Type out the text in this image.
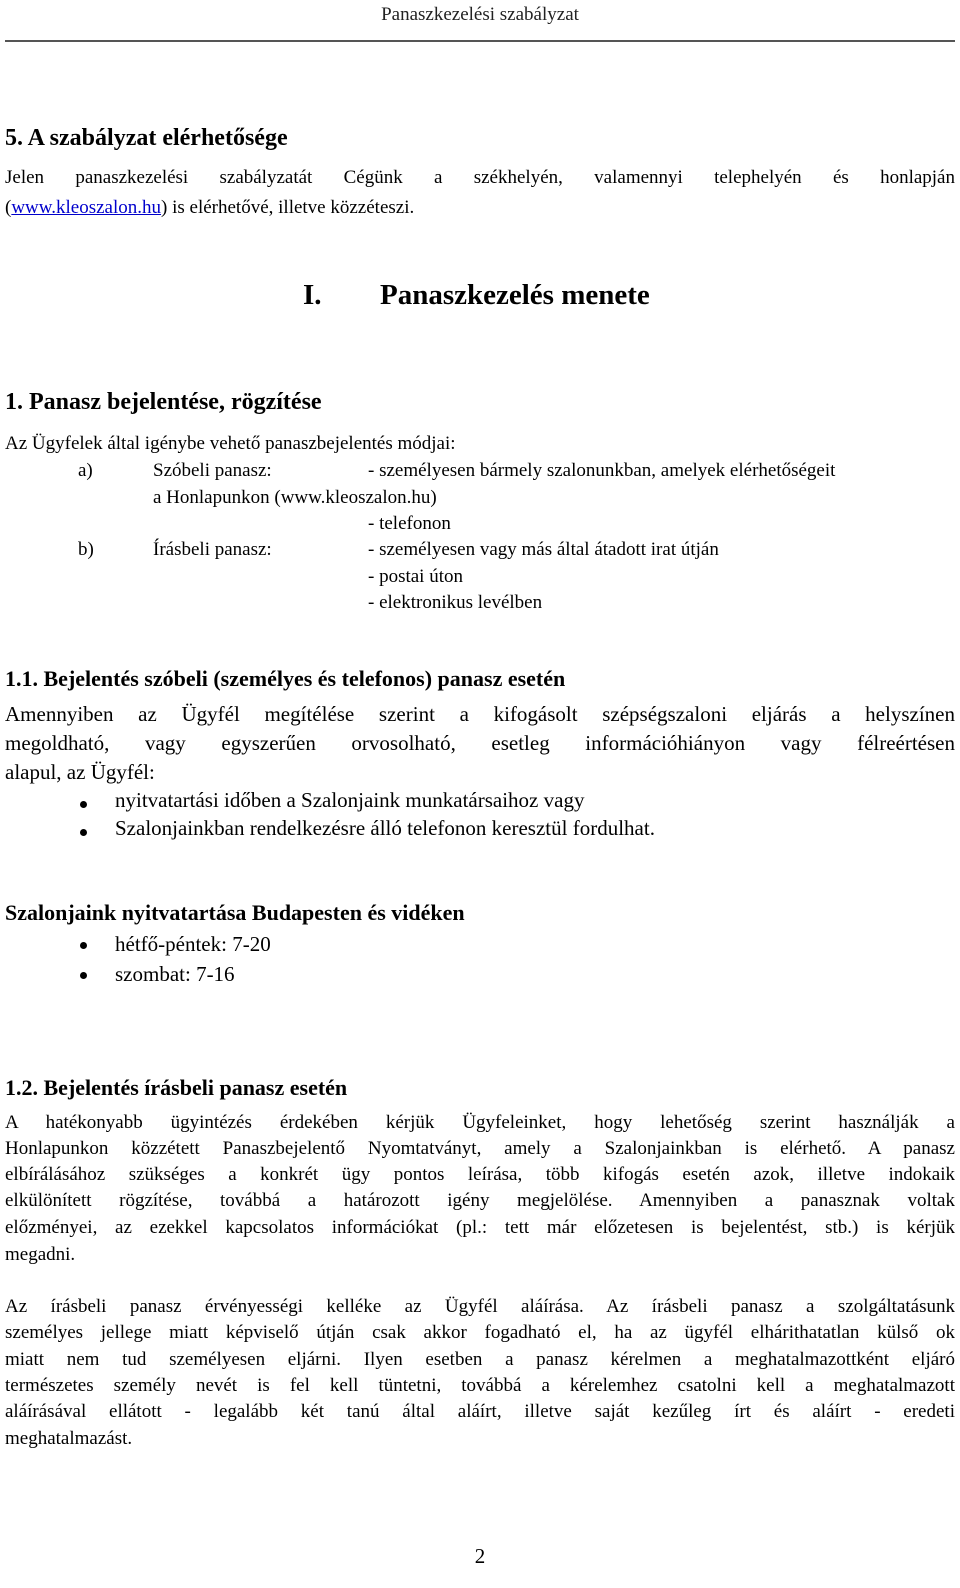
Panaszkezelési szabályzat
5. A szabályzat elérhetősége
Jelen panaszkezelési szabályzatát Cégünk a székhelyén, valamennyi telephelyén és honlapján
(www.kleoszalon.hu) is elérhetővé, illetve közzéteszi.
I. Panaszkezelés menete
1. Panasz bejelentése, rögzítése
Az Ügyfelek által igénybe vehető panaszbejelentés módjai:
a)	Szóbeli panasz:	- személyesen bármely szalonunkban, amelyek elérhetőségeit
a Honlapunkon (www.kleoszalon.hu)
- telefonon
b)	Írásbeli panasz:	- személyesen vagy más által átadott irat útján
- postai úton
- elektronikus levélben
1.1. Bejelentés szóbeli (személyes és telefonos) panasz esetén
Amennyiben az Ügyfél megítélése szerint a kifogásolt szépségszaloni eljárás a helyszínen
megoldható, vagy egyszerűen orvosolható, esetleg információhiányon vagy félreértésen
alapul, az Ügyfél:
nyitvatartási időben a Szalonjaink munkatársaihoz vagy
Szalonjainkban rendelkezésre álló telefonon keresztül fordulhat.
Szalonjaink nyitvatartása Budapesten és vidéken
hétfő-péntek: 7-20
szombat: 7-16
1.2. Bejelentés írásbeli panasz esetén
A hatékonyabb ügyintézés érdekében kérjük Ügyfeleinket, hogy lehetőség szerint használják a
Honlapunkon közzétett Panaszbejelentő Nyomtatványt, amely a Szalonjainkban is elérhető. A panasz
elbírálásához szükséges a konkrét ügy pontos leírása, több kifogás esetén azok, illetve indokaik
elkülönített rögzítése, továbbá a határozott igény megjelölése. Amennyiben a panasznak voltak
előzményei, az ezekkel kapcsolatos információkat (pl.: tett már előzetesen is bejelentést, stb.) is kérjük
megadni.
Az írásbeli panasz érvényességi kelléke az Ügyfél aláírása. Az írásbeli panasz a szolgáltatásunk
személyes jellege miatt képviselő útján csak akkor fogadható el, ha az ügyfél elhárithatatlan külső ok
miatt nem tud személyesen eljárni. Ilyen esetben a panasz kérelmen a meghatalmazottként eljáró
természetes személy nevét is fel kell tüntetni, továbbá a kérelemhez csatolni kell a meghatalmazott
aláírásával ellátott - legalább két tanú által aláírt, illetve saját kezűleg írt és aláírt - eredeti
meghatalmazást.
2
